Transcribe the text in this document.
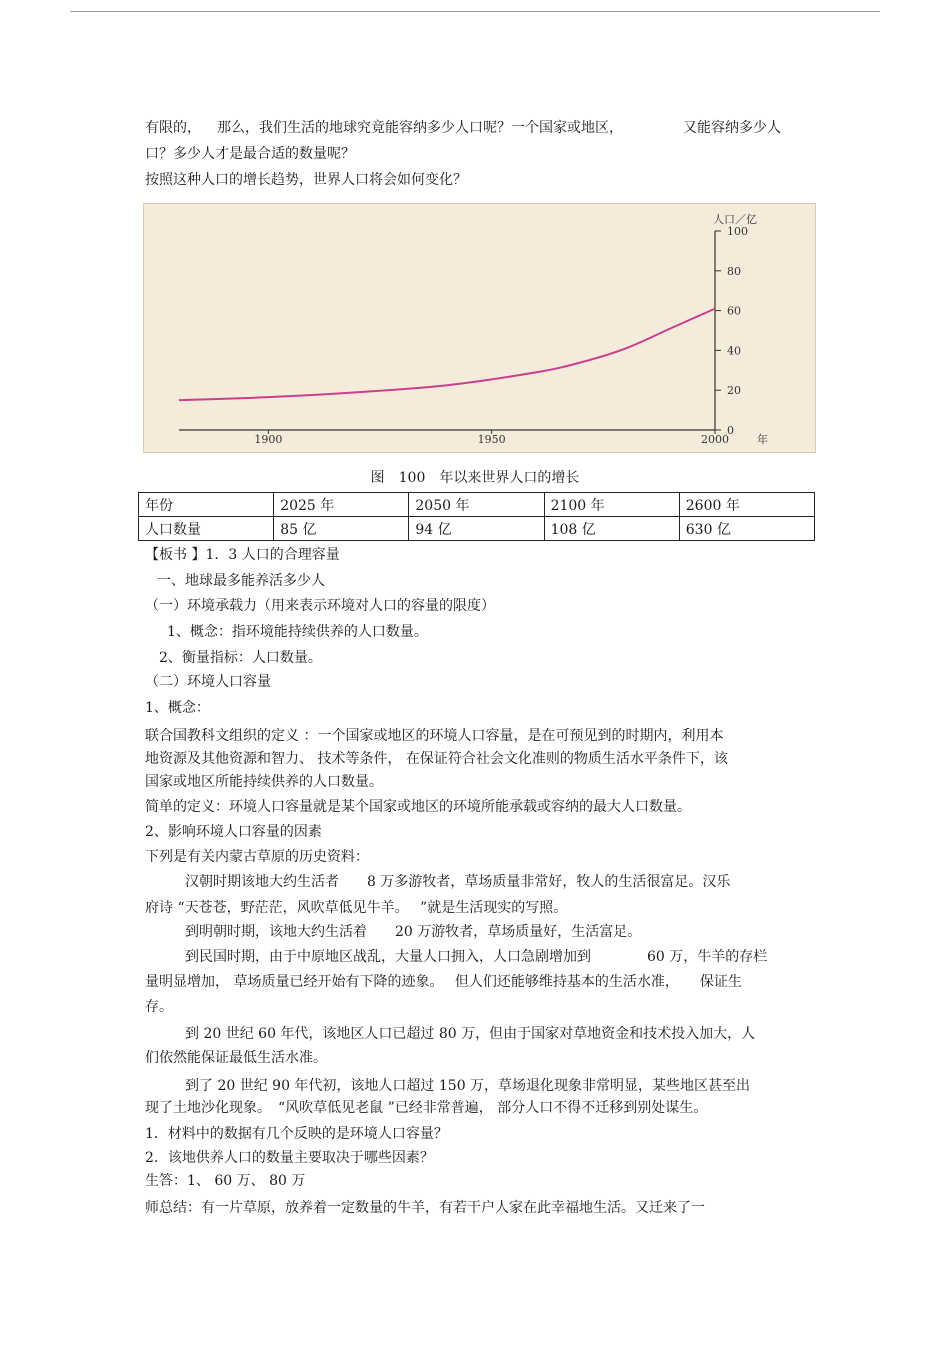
有限的， 那么，我们生活的地球究竟能容纳多少人口呢？一个国家或地区，	又能容纳多少人
口？多少人才是最合适的数量呢？
按照这种人口的增长趋势，世界人口将会如何变化？
0
20
40
60
80
100
1900	1950	2000
人口／亿
年
图　100　年以来世界人口的增长
年份	2025 年	2050 年	2100 年	2600 年
人口数量	85 亿	94 亿	108 亿	630 亿
【板书 】1．3 人口的合理容量
一、地球最多能养活多少人
（一）环境承载力（用来表示环境对人口的容量的限度）
1、概念：指环境能持续供养的人口数量。
2、衡量指标：人口数量。
（二）环境人口容量
1、概念：
联合国教科文组织的定义 ：一个国家或地区的环境人口容量，是在可预见到的时期内，利用本
地资源及其他资源和智力、 技术等条件， 在保证符合社会文化准则的物质生活水平条件下，该
国家或地区所能持续供养的人口数量。
简单的定义：环境人口容量就是某个国家或地区的环境所能承载或容纳的最大人口数量。
2、影响环境人口容量的因素
下列是有关内蒙古草原的历史资料：
汉朝时期该地大约生活者　　8 万多游牧者，草场质量非常好，牧人的生活很富足。汉乐
府诗 “天苍苍，野茫茫，风吹草低见牛羊。　 ”就是生活现实的写照。
到明朝时期，该地大约生活着　　20 万游牧者，草场质量好，生活富足。
到民国时期，由于中原地区战乱，大量人口拥入，人口急剧增加到　　　　60 万，牛羊的存栏
量明显增加， 草场质量已经开始有下降的迹象。　 但人们还能够维持基本的生活水准，　　保证生
存。
到 20 世纪 60 年代，该地区人口已超过 80 万，但由于国家对草地资金和技术投入加大，人
们依然能保证最低生活水准。
到了 20 世纪 90 年代初，该地人口超过 150 万，草场退化现象非常明显，某些地区甚至出
现了土地沙化现象。　“风吹草低见老鼠 ”已经非常普遍， 部分人口不得不迁移到别处谋生。
1．材料中的数据有几个反映的是环境人口容量？
2．该地供养人口的数量主要取决于哪些因素？
生答：1、 60 万、 80 万
师总结：有一片草原，放养着一定数量的牛羊，有若干户人家在此幸福地生活。又迁来了一
